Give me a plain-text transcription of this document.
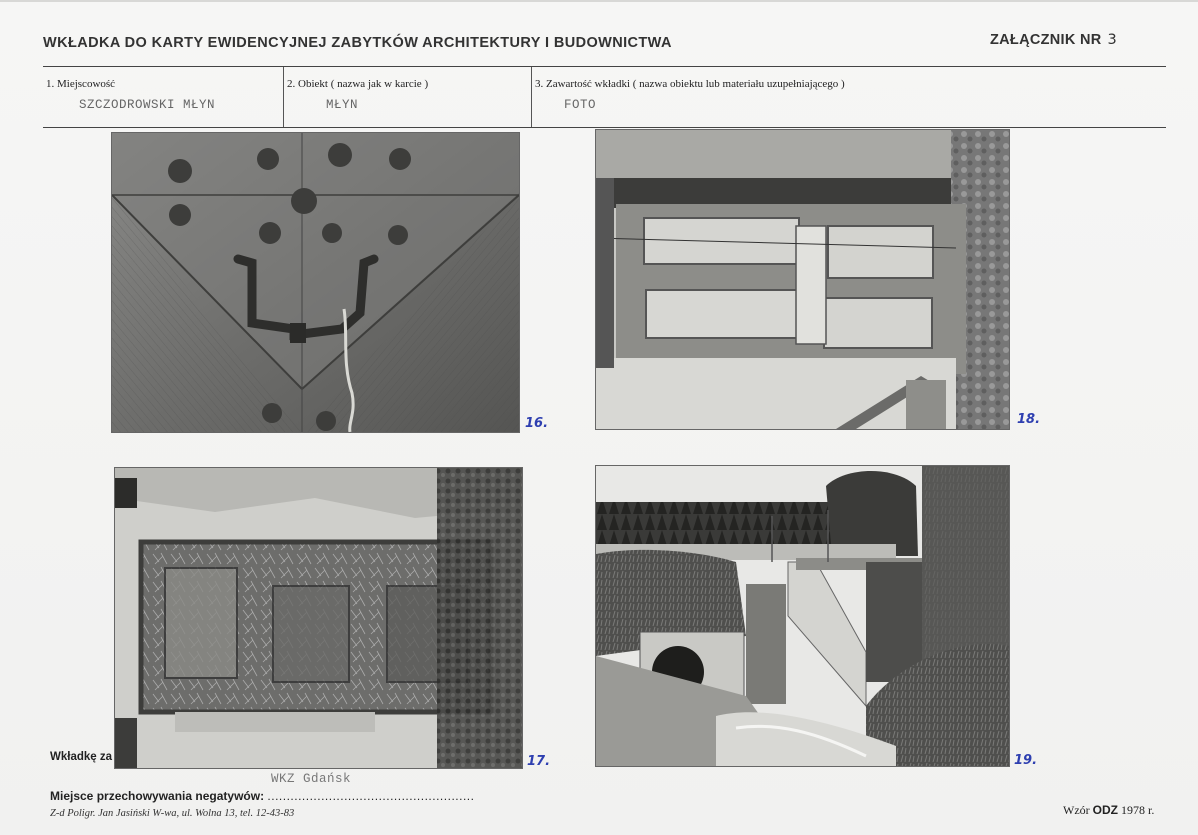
WKŁADKA DO KARTY EWIDENCYJNEJ ZABYTKÓW ARCHITEKTURY I BUDOWNICTWA	ZAŁĄCZNIK NR 3
1. Miejscowość
SZCZODROWSKI MŁYN
2. Obiekt ( nazwa jak w karcie )
MŁYN
3. Zawartość wkładki ( nazwa obiektu lub materiału uzupełniającego )
FOTO
16.	18.
17.	19.
Wkładkę za
WKZ Gdańsk
Miejsce przechowywania negatywów: ......................................................
Z-d Poligr. Jan Jasiński W-wa, ul. Wolna 13, tel. 12-43-83	Wzór ODZ 1978 r.
